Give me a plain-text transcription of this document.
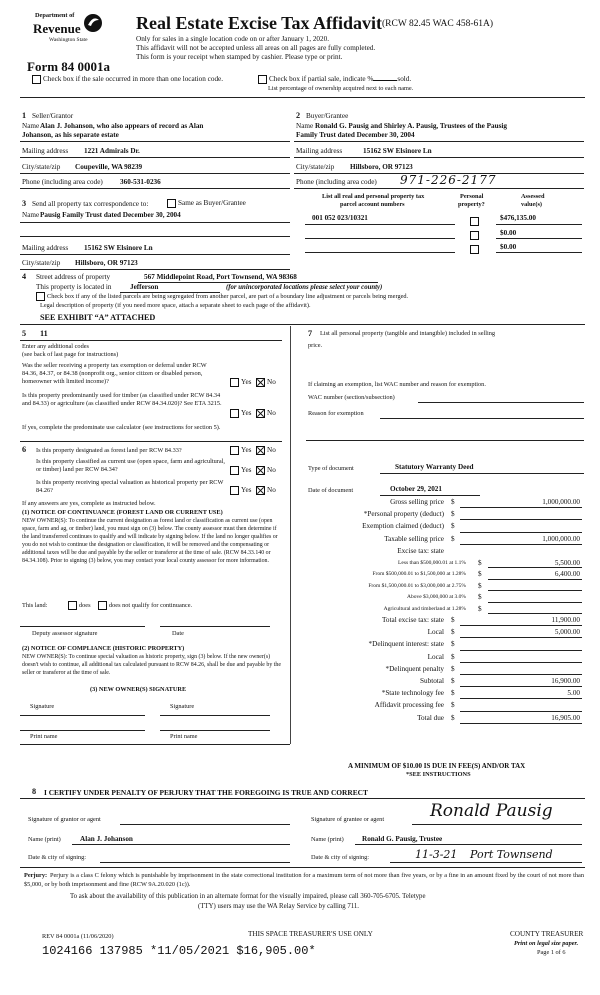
Department of
Revenue
Washington State
Real Estate Excise Tax Affidavit (RCW 82.45 WAC 458-61A)
Only for sales in a single location code on or after January 1, 2020.
This affidavit will not be accepted unless all areas on all pages are fully completed.
This form is your receipt when stamped by cashier. Please type or print.
Form 84 0001a
Check box if the sale occurred in more than one location code.	Check box if partial sale, indicate %	sold.
List percentage of ownership acquired next to each name.
1 Seller/Grantor
Name Alan J. Johanson, who also appears of record as Alan
Johanson, as his separate estate
Mailing address 1221 Admirals Dr.
City/state/zip Coupeville, WA 98239
Phone (including area code) 360-531-0236
2 Buyer/Grantee
Name Ronald G. Pausig and Shirley A. Pausig, Trustees of the Pausig
Family Trust dated December 30, 2004
Mailing address	15162 SW Elsinore Ln
City/state/zip Hillsboro, OR 97123
Phone (including area code) 971-226-2177
List all real and personal property tax
parcel account numbers
Personal
property?
Assessed
value(s)
001 052 023/10321	$476,135.00
$0.00
$0.00
3 Send all property tax correspondence to:	Same as Buyer/Grantee
Name Pausig Family Trust dated December 30, 2004
Mailing address 15162 SW Elsinore Ln
City/state/zip Hillsboro, OR 97123
4 Street address of property	567 Middlepoint Road, Port Townsend, WA 98368
This property is located in	Jefferson	(for unincorporated locations please select your county)
Check box if any of the listed parcels are being segregated from another parcel, are part of a boundary line adjustment or parcels being merged.
Legal description of property (if you need more space, attach a separate sheet to each page of the affidavit).
SEE EXHIBIT “A” ATTACHED
5 11
Enter any additional codes
(see back of last page for instructions)
Was the seller receiving a property tax exemption or deferral under RCW 84.36, 84.37, or 84.38 (nonprofit org., senior citizen or disabled person, homeowner with limited income)?	Yes	No
Is this property predominantly used for timber (as classified under RCW 84.34 and 84.33) or agriculture (as classified under RCW 84.34.020)? See ETA 3215.
Yes	No
If yes, complete the predominate use calculator (see instructions for section 5).
6 Is this property designated as forest land per RCW 84.33?	Yes	No
Is this property classified as current use (open space, farm and agricultural, or timber) land per RCW 84.34?	Yes	No
Is this property receiving special valuation as historical property per RCW 84.26?	Yes	No
If any answers are yes, complete as instructed below.
(1) NOTICE OF CONTINUANCE (FOREST LAND OR CURRENT USE)
NEW OWNER(S): To continue the current designation as forest land or classification as current use (open space, farm and ag, or timber) land, you must sign on (3) below. The county assessor must then determine if the land transferred continues to qualify and will indicate by signing below. If the land no longer qualifies or you do not wish to continue the designation or classification, it will be removed and the compensating or additional taxes will be due and payable by the seller or transferor at the time of sale. (RCW 84.33.140 or 84.34.108). Prior to signing (3) below, you may contact your local county assessor for more information.
This land:	does	does not qualify for continuance.
Deputy assessor signature	Date
(2) NOTICE OF COMPLIANCE (HISTORIC PROPERTY)
NEW OWNER(S): To continue special valuation as historic property, sign (3) below. If the new owner(s) doesn't wish to continue, all additional tax calculated pursuant to RCW 84.26, shall be due and payable by the seller or transferor at the time of sale.
(3) NEW OWNER(S) SIGNATURE
Signature	Signature
Print name	Print name
7 List all personal property (tangible and intangible) included in selling
price.
If claiming an exemption, list WAC number and reason for exemption.
WAC number (section/subsection)
Reason for exemption
Type of document	Statutory Warranty Deed
Date of document	October 29, 2021
Gross selling price $	1,000,000.00
*Personal property (deduct) $
Exemption claimed (deduct) $
Taxable selling price $	1,000,000.00
Excise tax: state
Less than $500,000.01 at 1.1% $	5,500.00
From $500,000.01 to $1,500,000 at 1.28% $	6,400.00
From $1,500,000.01 to $3,000,000 at 2.75% $
Above $3,000,000 at 3.0% $
Agricultural and timberland at 1.28% $
Total excise tax: state $	11,900.00
Local $	5,000.00
*Delinquent interest: state $
Local $
*Delinquent penalty $
Subtotal $	16,900.00
*State technology fee $	5.00
Affidavit processing fee $
Total due $	16,905.00
A MINIMUM OF $10.00 IS DUE IN FEE(S) AND/OR TAX
*SEE INSTRUCTIONS
8 I CERTIFY UNDER PENALTY OF PERJURY THAT THE FOREGOING IS TRUE AND CORRECT
Signature of grantor or agent	Signature of grantee or agent	Ronald Pausig
Name (print)	Alan J. Johanson	Name (print)	Ronald G. Pausig, Trustee
Date & city of signing:	Date & city of signing:	11-3-21 Port Townsend
Perjury: Perjury is a class C felony which is punishable by imprisonment in the state correctional institution for a maximum term of not more than five years, or by a fine in an amount fixed by the court of not more than $5,000, or by both imprisonment and fine (RCW 9A.20.020 (1c)).
To ask about the availability of this publication in an alternate format for the visually impaired, please call 360-705-6705. Teletype
(TTY) users may use the WA Relay Service by calling 711.
REV 84 0001a (11/06/2020)	THIS SPACE TREASURER'S USE ONLY	COUNTY TREASURER
Print on legal size paper.
Page 1 of 6
1024166 137985 *11/05/2021 $16,905.00*
